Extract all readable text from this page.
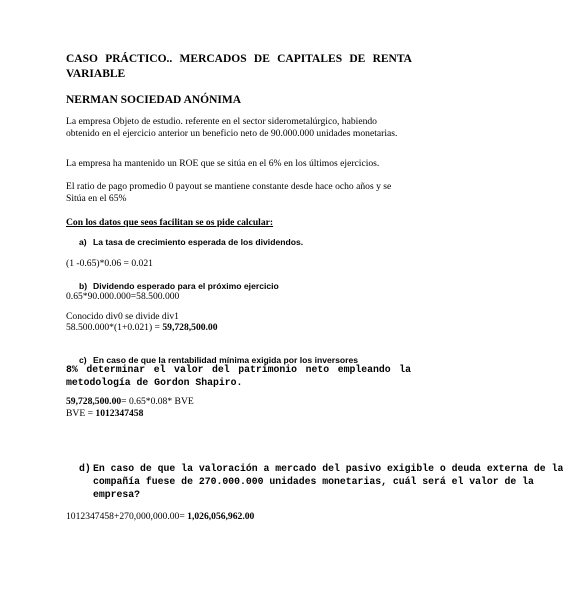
CASO PRÁCTICO.. MERCADOS DE CAPITALES DE RENTA VARIABLE
NERMAN SOCIEDAD ANÓNIMA
La empresa Objeto de estudio. referente en el sector siderometalúrgico, habiendo obtenido en el ejercicio anterior un beneficio neto de 90.000.000 unidades monetarias.
La empresa ha mantenido un ROE que se sitúa en el 6% en los últimos ejercicios.
El ratio de pago promedio 0 payout se mantiene constante desde hace ocho años y se Sitúa en el 65%
Con los datos que seos facilitan se os pide calcular:
a) La tasa de crecimiento esperada de los dividendos.
(1 -0.65)*0.06 = 0.021
b) Dividendo esperado para el próximo ejercicio
0.65*90.000.000=58.500.000
Conocido div0 se divide div1
58.500.000*(1+0.021) = 59,728,500.00
c) En caso de que la rentabilidad mínima exigida por los inversores
8% determinar el valor del patrimonio neto empleando la metodología de Gordon Shapiro.
59,728,500.00= 0.65*0.08* BVE
BVE = 1012347458
d) En caso de que la valoración a mercado del pasivo exigible o deuda externa de la
compañía fuese de 270.000.000 unidades monetarias, cuál será el valor de la
empresa?
1012347458+270,000,000.00= 1,026,056,962.00
